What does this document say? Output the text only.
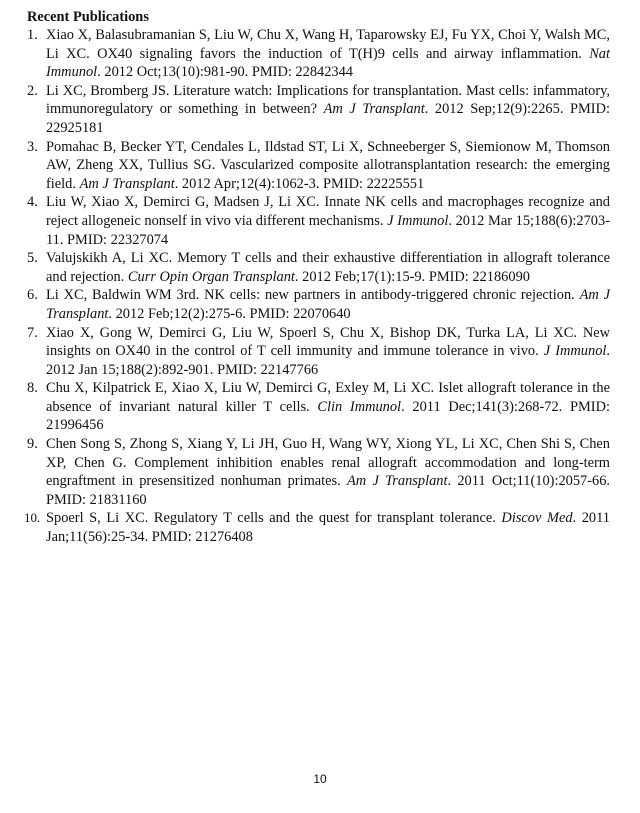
Recent Publications
1. Xiao X, Balasubramanian S, Liu W, Chu X, Wang H, Taparowsky EJ, Fu YX, Choi Y, Walsh MC, Li XC. OX40 signaling favors the induction of T(H)9 cells and airway inflammation. Nat Immunol. 2012 Oct;13(10):981-90. PMID: 22842344
2. Li XC, Bromberg JS. Literature watch: Implications for transplantation. Mast cells: infammatory, immunoregulatory or something in between? Am J Transplant. 2012 Sep;12(9):2265. PMID: 22925181
3. Pomahac B, Becker YT, Cendales L, Ildstad ST, Li X, Schneeberger S, Siemionow M, Thomson AW, Zheng XX, Tullius SG. Vascularized composite allotransplantation research: the emerging field. Am J Transplant. 2012 Apr;12(4):1062-3. PMID: 22225551
4. Liu W, Xiao X, Demirci G, Madsen J, Li XC. Innate NK cells and macrophages recognize and reject allogeneic nonself in vivo via different mechanisms. J Immunol. 2012 Mar 15;188(6):2703-11. PMID: 22327074
5. Valujskikh A, Li XC. Memory T cells and their exhaustive differentiation in allograft tolerance and rejection. Curr Opin Organ Transplant. 2012 Feb;17(1):15-9. PMID: 22186090
6. Li XC, Baldwin WM 3rd. NK cells: new partners in antibody-triggered chronic rejection. Am J Transplant. 2012 Feb;12(2):275-6. PMID: 22070640
7. Xiao X, Gong W, Demirci G, Liu W, Spoerl S, Chu X, Bishop DK, Turka LA, Li XC. New insights on OX40 in the control of T cell immunity and immune tolerance in vivo. J Immunol. 2012 Jan 15;188(2):892-901. PMID: 22147766
8. Chu X, Kilpatrick E, Xiao X, Liu W, Demirci G, Exley M, Li XC. Islet allograft tolerance in the absence of invariant natural killer T cells. Clin Immunol. 2011 Dec;141(3):268-72. PMID: 21996456
9. Chen Song S, Zhong S, Xiang Y, Li JH, Guo H, Wang WY, Xiong YL, Li XC, Chen Shi S, Chen XP, Chen G. Complement inhibition enables renal allograft accommodation and long-term engraftment in presensitized nonhuman primates. Am J Transplant. 2011 Oct;11(10):2057-66. PMID: 21831160
10. Spoerl S, Li XC. Regulatory T cells and the quest for transplant tolerance. Discov Med. 2011 Jan;11(56):25-34. PMID: 21276408
10
